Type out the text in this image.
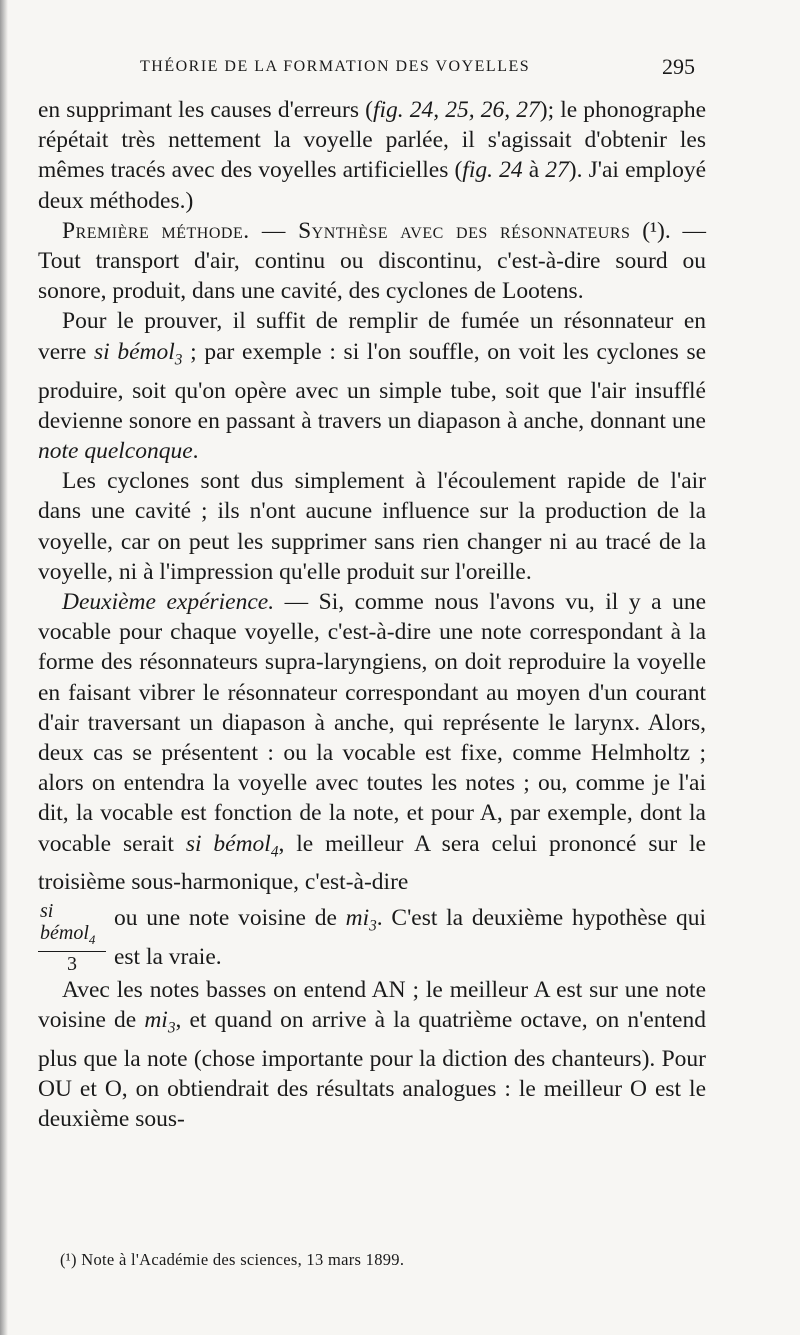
THÉORIE DE LA FORMATION DES VOYELLES	295

en supprimant les causes d'erreurs (fig. 24, 25, 26, 27); le phonographe répétait très nettement la voyelle parlée, il s'agissait d'obtenir les mêmes tracés avec des voyelles artificielles (fig. 24 à 27). J'ai employé deux méthodes.)

Première méthode. — Synthèse avec des résonnateurs (¹). — Tout transport d'air, continu ou discontinu, c'est-à-dire sourd ou sonore, produit, dans une cavité, des cyclones de Lootens.

Pour le prouver, il suffit de remplir de fumée un résonnateur en verre si bémol$_3$ ; par exemple : si l'on souffle, on voit les cyclones se produire, soit qu'on opère avec un simple tube, soit que l'air insufflé devienne sonore en passant à travers un diapason à anche, donnant une note quelconque.

Les cyclones sont dus simplement à l'écoulement rapide de l'air dans une cavité ; ils n'ont aucune influence sur la production de la voyelle, car on peut les supprimer sans rien changer ni au tracé de la voyelle, ni à l'impression qu'elle produit sur l'oreille.

Deuxième expérience. — Si, comme nous l'avons vu, il y a une vocable pour chaque voyelle, c'est-à-dire une note correspondant à la forme des résonnateurs supra-laryngiens, on doit reproduire la voyelle en faisant vibrer le résonnateur correspondant au moyen d'un courant d'air traversant un diapason à anche, qui représente le larynx. Alors, deux cas se présentent : ou la vocable est fixe, comme Helmholtz ; alors on entendra la voyelle avec toutes les notes ; ou, comme je l'ai dit, la vocable est fonction de la note, et pour A, par exemple, dont la vocable serait si bémol$_4$, le meilleur A sera celui prononcé sur le troisième sous-harmonique, c'est-à-dire

$\frac{si bémol_4}{3}$ ou une note voisine de $mi_3$. C'est la deuxième hypothèse qui est la vraie.

Avec les notes basses on entend AN ; le meilleur A est sur une note voisine de $mi_3$, et quand on arrive à la quatrième octave, on n'entend plus que la note (chose importante pour la diction des chanteurs). Pour OU et O, on obtiendrait des résultats analogues : le meilleur O est le deuxième sous-

(¹) Note à l'Académie des sciences, 13 mars 1899.
